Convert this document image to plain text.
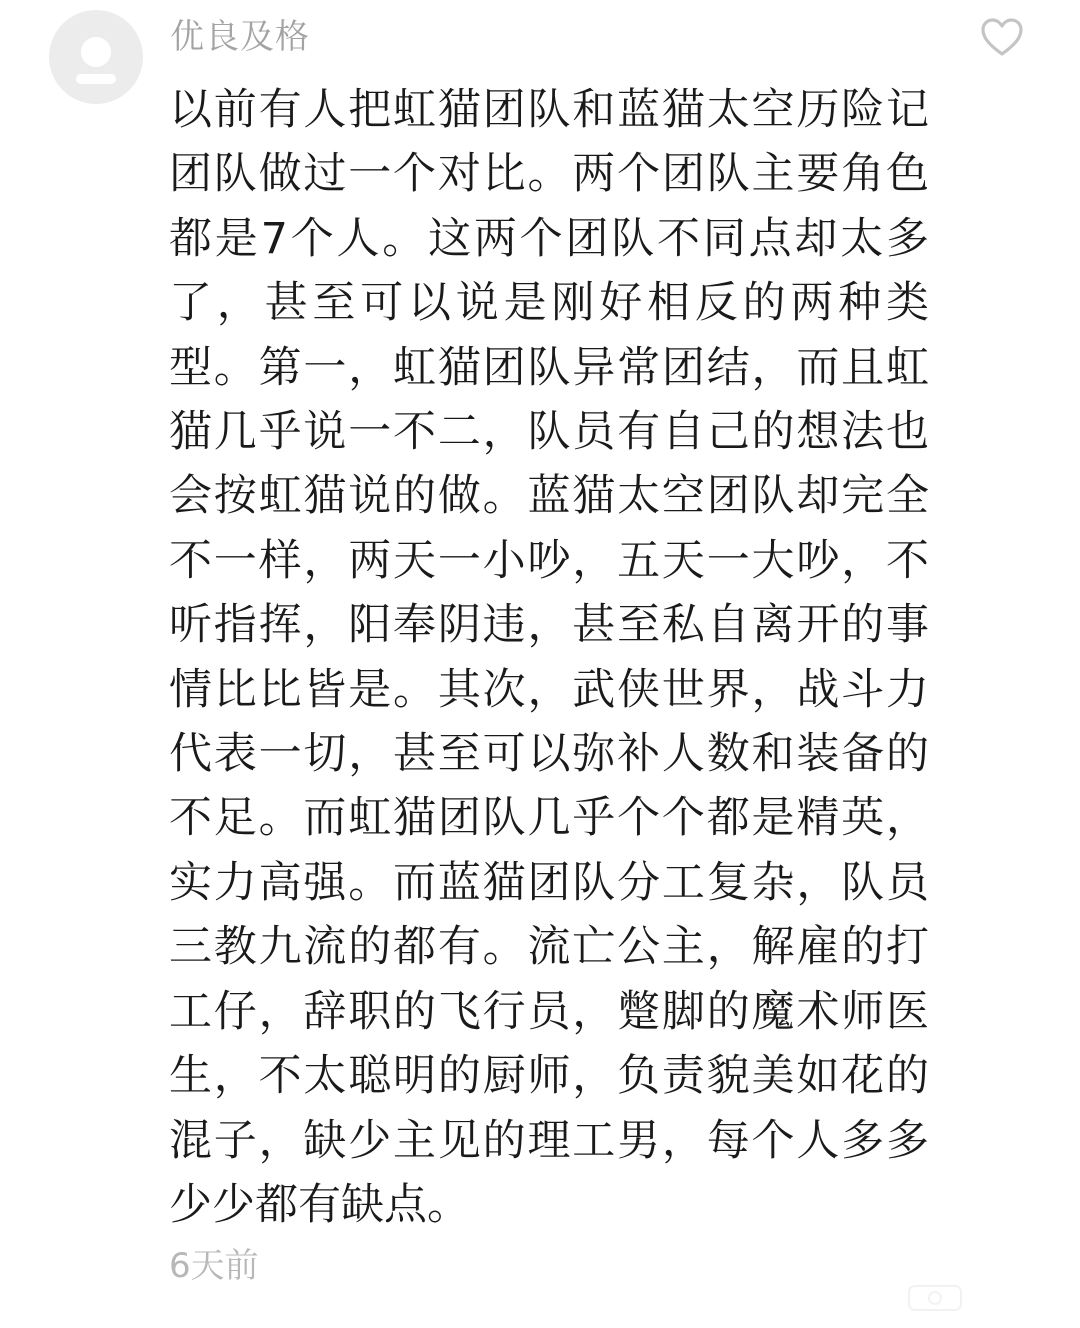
优良及格

以前有人把虹猫团队和蓝猫太空历险记团队做过一个对比。两个团队主要角色都是7个人。这两个团队不同点却太多了，甚至可以说是刚好相反的两种类型。第一，虹猫团队异常团结，而且虹猫几乎说一不二，队员有自己的想法也会按虹猫说的做。蓝猫太空团队却完全不一样，两天一小吵，五天一大吵，不听指挥，阳奉阴违，甚至私自离开的事情比比皆是。其次，武侠世界，战斗力代表一切，甚至可以弥补人数和装备的不足。而虹猫团队几乎个个都是精英，实力高强。而蓝猫团队分工复杂，队员三教九流的都有。流亡公主，解雇的打工仔，辞职的飞行员，蹩脚的魔术师医生，不太聪明的厨师，负责貌美如花的混子，缺少主见的理工男，每个人多多少少都有缺点。

6天前
